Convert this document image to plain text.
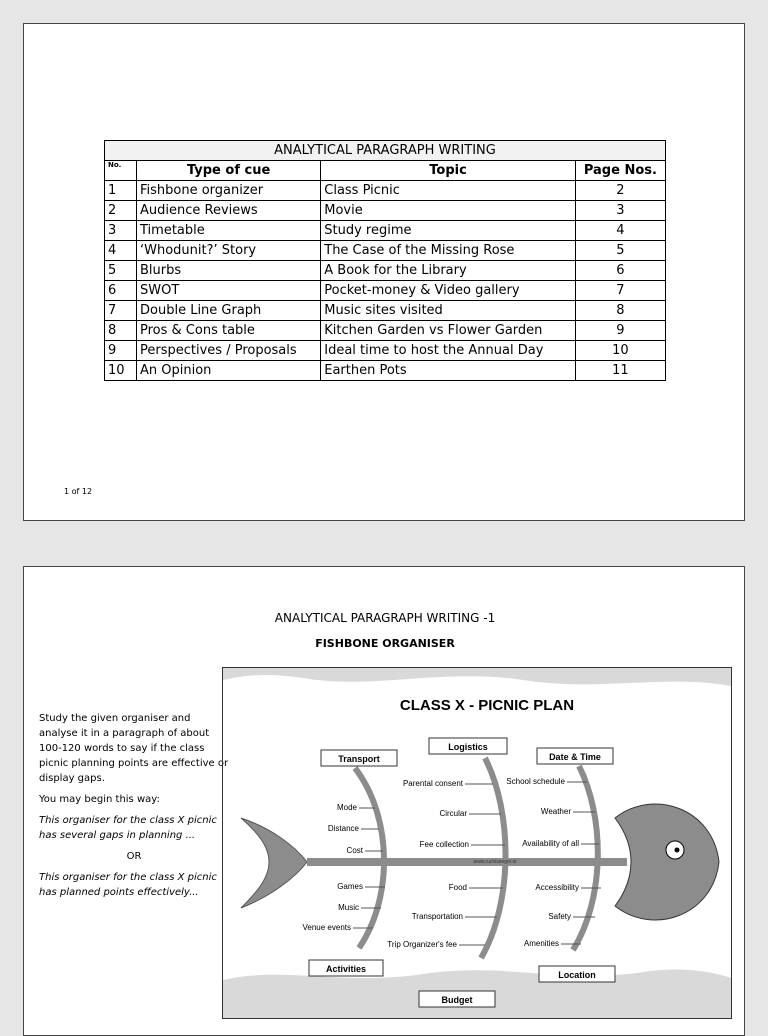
ANALYTICAL PARAGRAPH WRITING			
No.	Type of cue	Topic	Page Nos.
1	Fishbone organizer	Class Picnic	2
2	Audience Reviews	Movie	3
3	Timetable	Study regime	4
4	‘Whodunit?’ Story	The Case of the Missing Rose	5
5	Blurbs	A Book for the Library	6
6	SWOT	Pocket-money & Video gallery	7
7	Double Line Graph	Music sites visited	8
8	Pros & Cons table	Kitchen Garden vs Flower Garden	9
9	Perspectives / Proposals	Ideal time to host the Annual Day	10
10	An Opinion	Earthen Pots	11
1 of 12
ANALYTICAL PARAGRAPH WRITING -1
FISHBONE ORGANISER

Study the given organiser and analyse it in a paragraph of about 100-120 words to say if the class picnic planning points are effective or display gaps.

You may begin this way:

This organiser for the class X picnic has several gaps in planning ...

OR

This organiser for the class X picnic has planned points effectively...

CLASS X - PICNIC PLAN
Transport
Logistics
Date & Time
Activities
Budget
Location
Mode
Distance
Cost
Parental consent
Circular
Fee collection
School schedule
Weather
Availability of all
www.ruchiseeger.in
Games
Music
Venue events
Food
Transportation
Trip Organizer's fee
Accessibility
Safety
Amenities
